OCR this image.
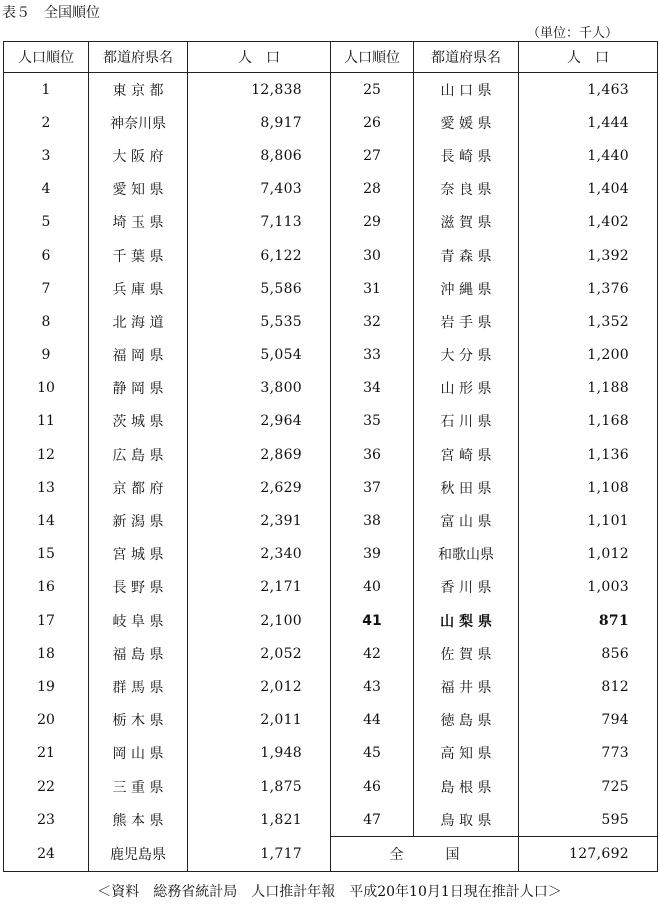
表５　全国順位
（単位：千人）
人口順位	都道府県名	人　口	人口順位	都道府県名	人　口
1	東 京 都	12,838	25	山 口 県	1,463
2	神奈川県	8,917	26	愛 媛 県	1,444
3	大 阪 府	8,806	27	長 崎 県	1,440
4	愛 知 県	7,403	28	奈 良 県	1,404
5	埼 玉 県	7,113	29	滋 賀 県	1,402
6	千 葉 県	6,122	30	青 森 県	1,392
7	兵 庫 県	5,586	31	沖 縄 県	1,376
8	北 海 道	5,535	32	岩 手 県	1,352
9	福 岡 県	5,054	33	大 分 県	1,200
10	静 岡 県	3,800	34	山 形 県	1,188
11	茨 城 県	2,964	35	石 川 県	1,168
12	広 島 県	2,869	36	宮 崎 県	1,136
13	京 都 府	2,629	37	秋 田 県	1,108
14	新 潟 県	2,391	38	富 山 県	1,101
15	宮 城 県	2,340	39	和歌山県	1,012
16	長 野 県	2,171	40	香 川 県	1,003
17	岐 阜 県	2,100	41	山 梨 県	871
18	福 島 県	2,052	42	佐 賀 県	856
19	群 馬 県	2,012	43	福 井 県	812
20	栃 木 県	2,011	44	徳 島 県	794
21	岡 山 県	1,948	45	高 知 県	773
22	三 重 県	1,875	46	島 根 県	725
23	熊 本 県	1,821	47	鳥 取 県	595
24	鹿児島県	1,717	全　　　国		127,692
＜資料　総務省統計局　人口推計年報　平成20年10月1日現在推計人口＞
